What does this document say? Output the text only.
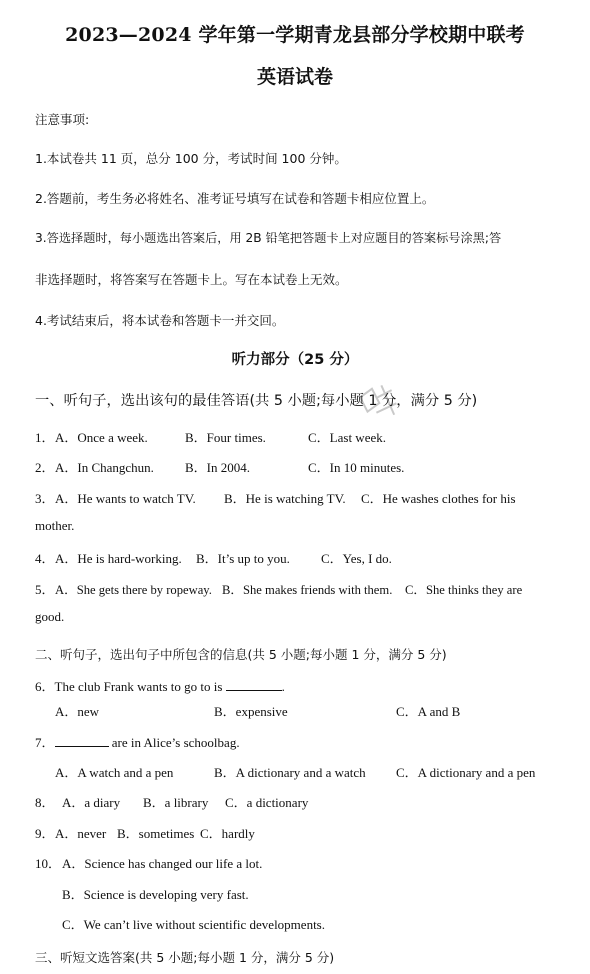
2023—2024 学年第一学期青龙县部分学校期中联考
英语试卷
注意事项:
1.本试卷共 11 页，总分 100 分，考试时间 100 分钟。
2.答题前，考生务必将姓名、准考证号填写在试卷和答题卡相应位置上。
3.答选择题时，每小题选出答案后，用 2B 铅笔把答题卡上对应题目的答案标号涂黑;答
非选择题时，将答案写在答题卡上。写在本试卷上无效。
4.考试结束后，将本试卷和答题卡一并交回。
听力部分（25 分）
一、听句子，选出该句的最佳答语(共 5 小题;每小题 1 分，满分 5 分)
1． A．Once a week.	B．Four times.	C．Last week.
2． A．In Changchun. B．In 2004.	C．In 10 minutes.
3． A．He wants to watch TV. B．He is watching TV. C．He washes clothes for his
mother.
4． A．He is hard-working. B．It’s up to you. C．Yes, I do.
5． A．She gets there by ropeway. B．She makes friends with them. C．She thinks they are
good.
二、听句子，选出句子中所包含的信息(共 5 小题;每小题 1 分，满分 5 分)
6．The club Frank wants to go to is	.
A．new	B．expensive	C．A and B
7．	are in Alice’s schoolbag.
A．A watch and a pen	B．A dictionary and a watch C．A dictionary and a pen
8． A．a diary B．a library C．a dictionary
9． A．never B．sometimes C．hardly
10． A．Science has changed our life a lot.
B．Science is developing very fast.
C．We can’t live without scientific developments.
三、听短文选答案(共 5 小题;每小题 1 分，满分 5 分)
